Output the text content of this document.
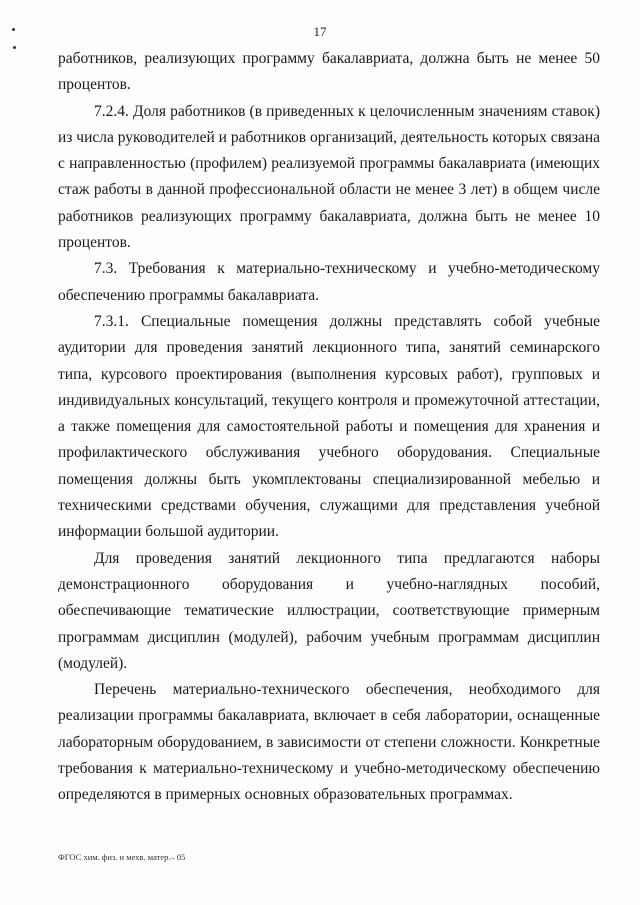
17

работников, реализующих программу бакалавриата, должна быть не менее 50 процентов.

7.2.4. Доля работников (в приведенных к целочисленным значениям ставок) из числа руководителей и работников организаций, деятельность которых связана с направленностью (профилем) реализуемой программы бакалавриата (имеющих стаж работы в данной профессиональной области не менее 3 лет) в общем числе работников реализующих программу бакалавриата, должна быть не менее 10 процентов.

7.3. Требования к материально-техническому и учебно-методическому обеспечению программы бакалавриата.

7.3.1. Специальные помещения должны представлять собой учебные аудитории для проведения занятий лекционного типа, занятий семинарского типа, курсового проектирования (выполнения курсовых работ), групповых и индивидуальных консультаций, текущего контроля и промежуточной аттестации, а также помещения для самостоятельной работы и помещения для хранения и профилактического обслуживания учебного оборудования. Специальные помещения должны быть укомплектованы специализированной мебелью и техническими средствами обучения, служащими для представления учебной информации большой аудитории.

Для проведения занятий лекционного типа предлагаются наборы демонстрационного оборудования и учебно-наглядных пособий, обеспечивающие тематические иллюстрации, соответствующие примерным программам дисциплин (модулей), рабочим учебным программам дисциплин (модулей).

Перечень материально-технического обеспечения, необходимого для реализации программы бакалавриата, включает в себя лаборатории, оснащенные лабораторным оборудованием, в зависимости от степени сложности. Конкретные требования к материально-техническому и учебно-методическому обеспечению определяются в примерных основных образовательных программах.

ФГОС хим. физ. и мехв. матер.– 05
